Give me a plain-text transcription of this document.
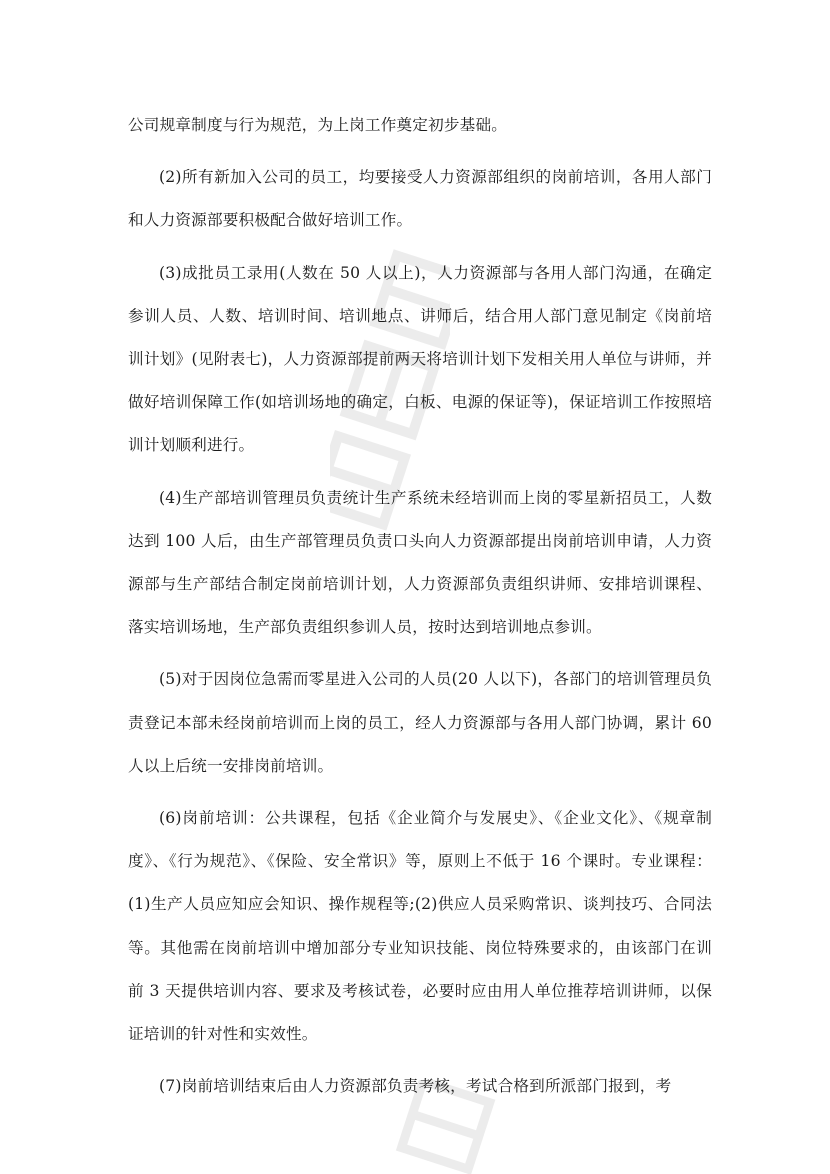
公司规章制度与行为规范，为上岗工作奠定初步基础。

(2)所有新加入公司的员工，均要接受人力资源部组织的岗前培训，各用人部门和人力资源部要积极配合做好培训工作。

(3)成批员工录用(人数在 50 人以上)，人力资源部与各用人部门沟通，在确定参训人员、人数、培训时间、培训地点、讲师后，结合用人部门意见制定《岗前培训计划》(见附表七)，人力资源部提前两天将培训计划下发相关用人单位与讲师，并做好培训保障工作(如培训场地的确定，白板、电源的保证等)，保证培训工作按照培训计划顺利进行。

(4)生产部培训管理员负责统计生产系统未经培训而上岗的零星新招员工，人数达到 100 人后，由生产部管理员负责口头向人力资源部提出岗前培训申请，人力资源部与生产部结合制定岗前培训计划，人力资源部负责组织讲师、安排培训课程、落实培训场地，生产部负责组织参训人员，按时达到培训地点参训。

(5)对于因岗位急需而零星进入公司的人员(20 人以下)，各部门的培训管理员负责登记本部未经岗前培训而上岗的员工，经人力资源部与各用人部门协调，累计 60 人以上后统一安排岗前培训。

(6)岗前培训：公共课程，包括《企业简介与发展史》、《企业文化》、《规章制度》、《行为规范》、《保险、安全常识》等，原则上不低于 16 个课时。专业课程：(1)生产人员应知应会知识、操作规程等;(2)供应人员采购常识、谈判技巧、合同法等。其他需在岗前培训中增加部分专业知识技能、岗位特殊要求的，由该部门在训前 3 天提供培训内容、要求及考核试卷，必要时应由用人单位推荐培训讲师，以保证培训的针对性和实效性。

(7)岗前培训结束后由人力资源部负责考核，考试合格到所派部门报到，考
